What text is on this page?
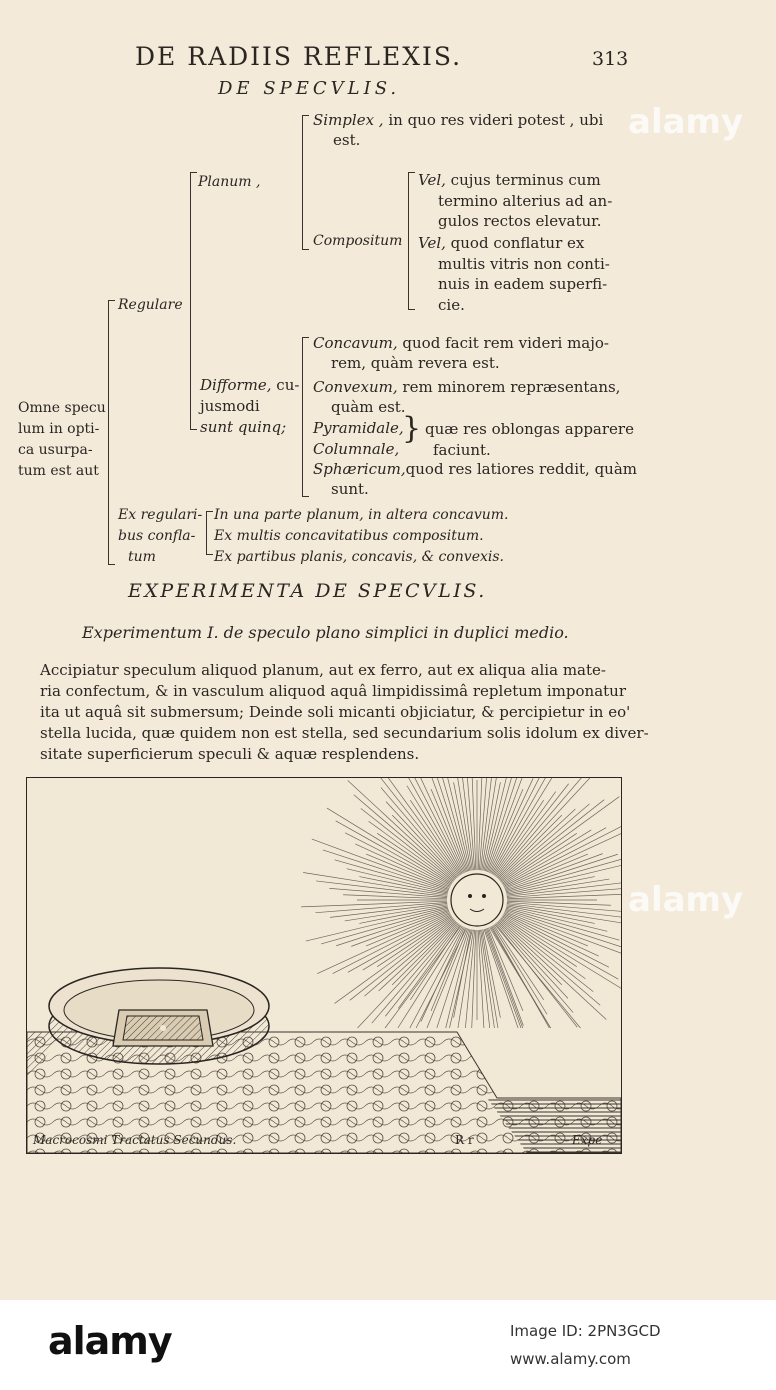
DE RADIIS REFLEXIS.	313
DE SPECVLIS.
Omne specu
lum in opti-
ca usurpa-
tum est aut
Regulare
Planum ,
Simplex , in quo res videri potest , ubi
est.
Compositum
Vel, cujus terminus cum
termino alterius ad an-
gulos rectos elevatur.
Vel, quod conflatur ex
multis vitris non conti-
nuis in eadem superfi-
cie.
Difforme, cu-
jusmodi
sunt quinq;
Concavum, quod facit rem videri majo-
rem, quàm revera est.
Convexum, rem minorem repræsentans,
quàm est.
Pyramidale,
Columnale,
} quæ res oblongas apparere
faciunt.
Sphæricum,quod res latiores reddit, quàm
sunt.
Ex regulari-
bus confla-
tum
In una parte planum, in altera concavum.
Ex multis concavitatibus compositum.
Ex partibus planis, concavis, & convexis.
EXPERIMENTA DE SPECVLIS.
Experimentum I. de speculo plano simplici in duplici medio.
Accipiatur speculum aliquod planum, aut ex ferro, aut ex aliqua alia mate-
ria confectum, & in vasculum aliquod aquâ limpidissimâ repletum imponatur
ita ut aquâ sit submersum; Deinde soli micanti objiciatur, & percipietur in eo'
stella lucida, quæ quidem non est stella, sed secundarium solis idolum ex diver-
sitate superficierum speculi & aquæ resplendens.
Macrocosmi Tractatus Secundus.	R r	Expe
alamy
alamy
alamy	Image ID: 2PN3GCD
www.alamy.com
